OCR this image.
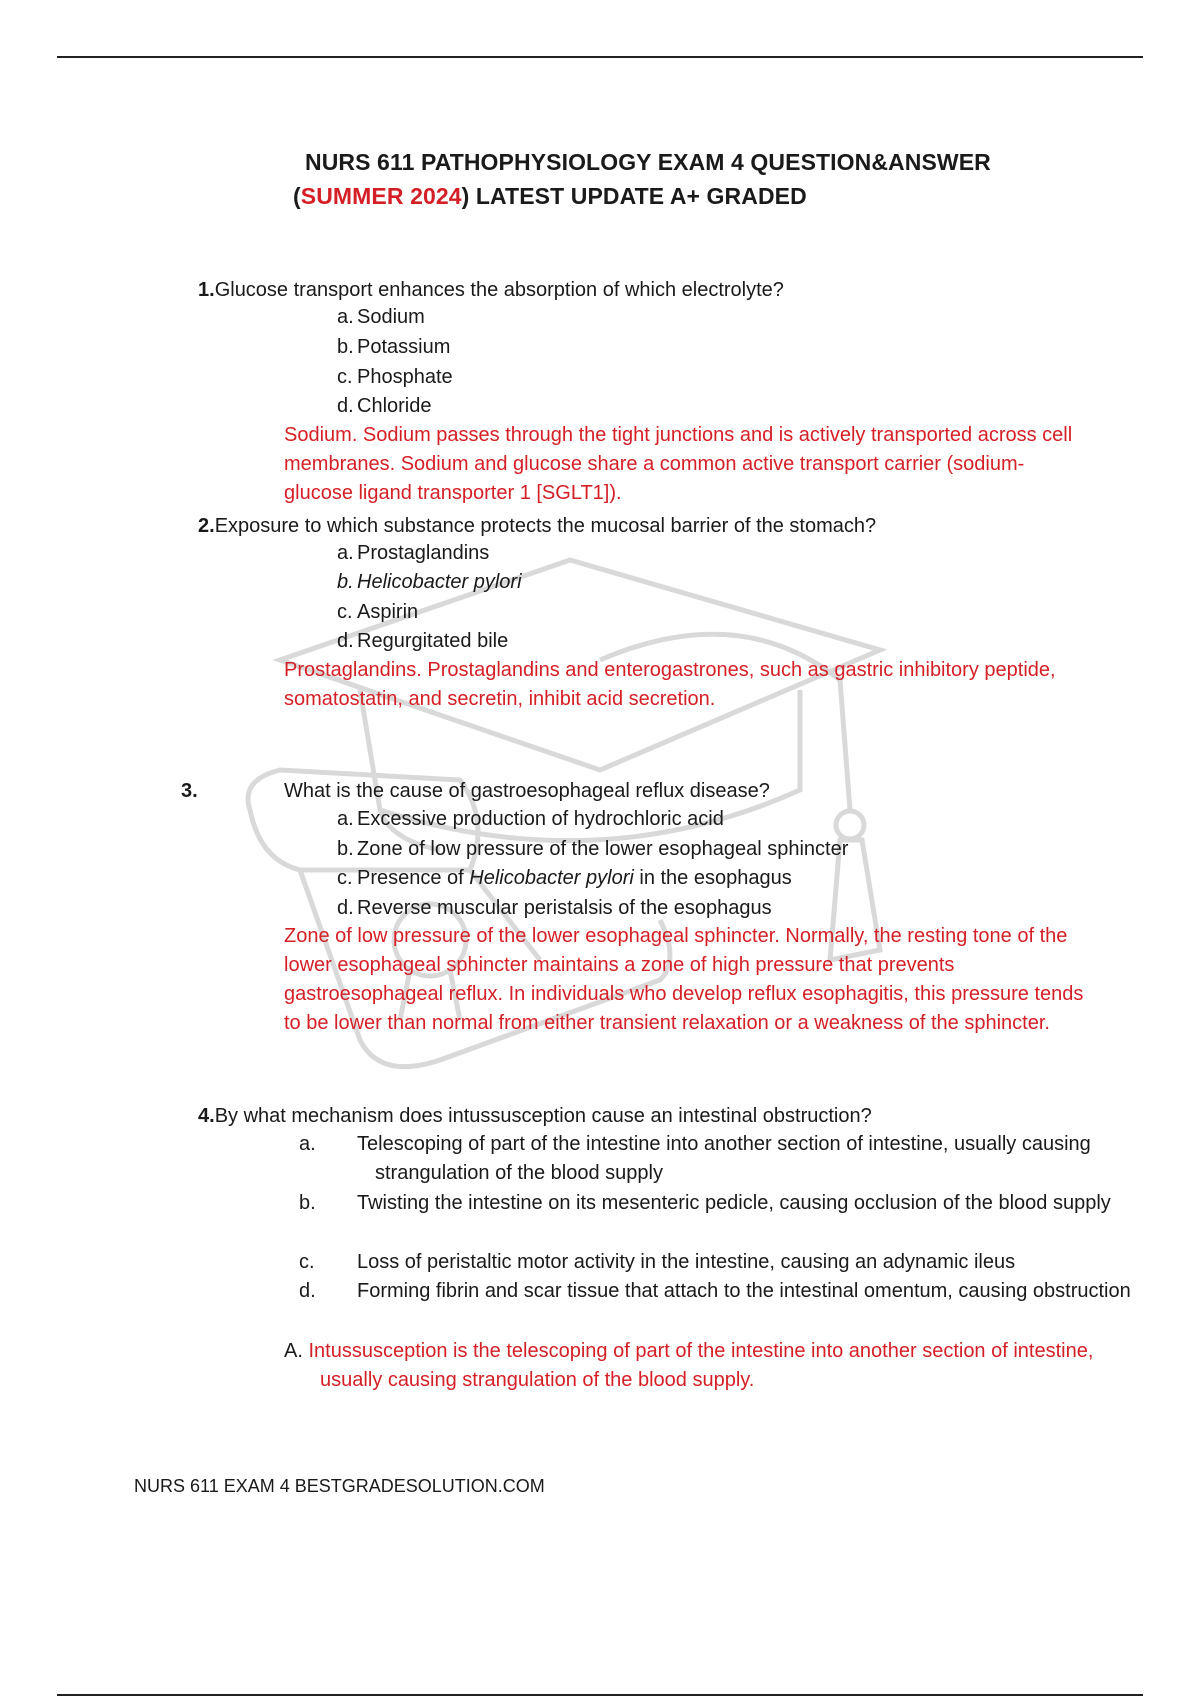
NURS 611 PATHOPHYSIOLOGY EXAM 4 QUESTION&ANSWER
(SUMMER 2024) LATEST UPDATE A+ GRADED
1.Glucose transport enhances the absorption of which electrolyte?
a. Sodium
b. Potassium
c. Phosphate
d. Chloride
Sodium. Sodium passes through the tight junctions and is actively transported across cell membranes. Sodium and glucose share a common active transport carrier (sodium-glucose ligand transporter 1 [SGLT1]).
2.Exposure to which substance protects the mucosal barrier of the stomach?
a. Prostaglandins
b. Helicobacter pylori
c. Aspirin
d. Regurgitated bile
Prostaglandins. Prostaglandins and enterogastrones, such as gastric inhibitory peptide, somatostatin, and secretin, inhibit acid secretion.
3.	What is the cause of gastroesophageal reflux disease?
a. Excessive production of hydrochloric acid
b. Zone of low pressure of the lower esophageal sphincter
c. Presence of Helicobacter pylori in the esophagus
d. Reverse muscular peristalsis of the esophagus
Zone of low pressure of the lower esophageal sphincter. Normally, the resting tone of the lower esophageal sphincter maintains a zone of high pressure that prevents gastroesophageal reflux. In individuals who develop reflux esophagitis, this pressure tends to be lower than normal from either transient relaxation or a weakness of the sphincter.
4.By what mechanism does intussusception cause an intestinal obstruction?
a. Telescoping of part of the intestine into another section of intestine, usually causing strangulation of the blood supply
b. Twisting the intestine on its mesenteric pedicle, causing occlusion of the blood supply
c. Loss of peristaltic motor activity in the intestine, causing an adynamic ileus
d. Forming fibrin and scar tissue that attach to the intestinal omentum, causing obstruction
A. Intussusception is the telescoping of part of the intestine into another section of intestine, usually causing strangulation of the blood supply.
NURS 611 EXAM 4 BESTGRADESOLUTION.COM
